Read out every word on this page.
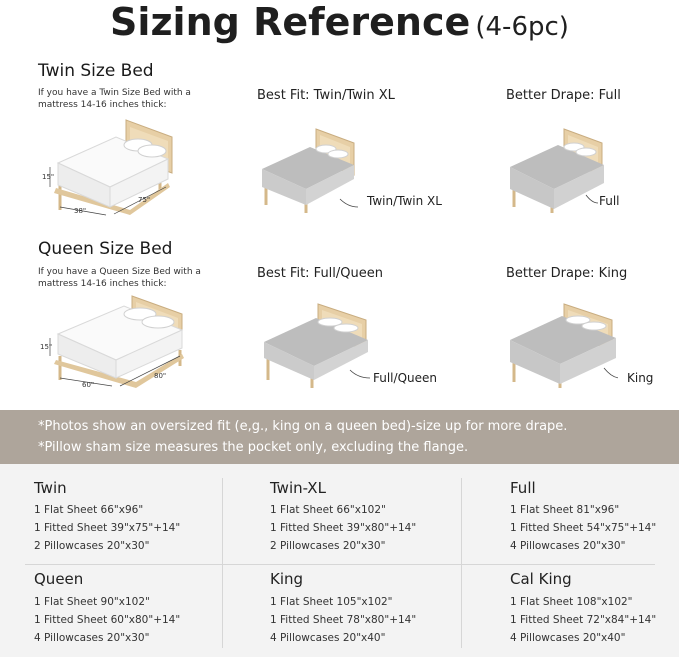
Sizing Reference (4-6pc)
Twin Size Bed
If you have a Twin Size Bed with a mattress 14-16 inches thick:
15"
38"
75"
Best Fit: Twin/Twin XL
Twin/Twin XL
Better Drape: Full
Full
Queen Size Bed
If you have a Queen Size Bed with a mattress 14-16 inches thick:
15"
60"
80"
Best Fit: Full/Queen
Full/Queen
Better Drape: King
King
*Photos show an oversized fit (e,g., king on a queen bed)-size up for more drape.
*Pillow sham size measures the pocket only, excluding the flange.
Twin
1 Flat Sheet 66"x96"
1 Fitted Sheet 39"x75"+14"
2 Pillowcases 20"x30"
Twin-XL
1 Flat Sheet 66"x102"
1 Fitted Sheet 39"x80"+14"
2 Pillowcases 20"x30"
Full
1 Flat Sheet 81"x96"
1 Fitted Sheet 54"x75"+14"
4 Pillowcases 20"x30"
Queen
1 Flat Sheet 90"x102"
1 Fitted Sheet 60"x80"+14"
4 Pillowcases 20"x30"
King
1 Flat Sheet 105"x102"
1 Fitted Sheet 78"x80"+14"
4 Pillowcases 20"x40"
Cal King
1 Flat Sheet 108"x102"
1 Fitted Sheet 72"x84"+14"
4 Pillowcases 20"x40"
